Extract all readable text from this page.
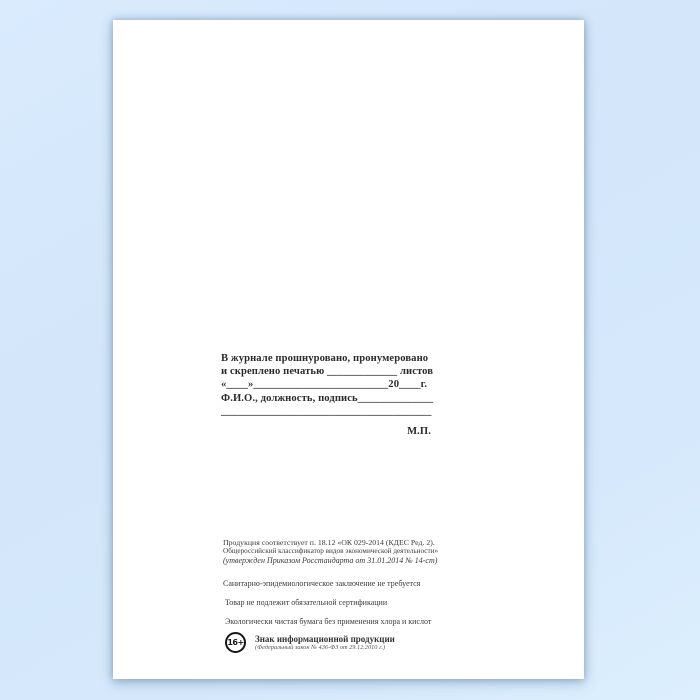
В журнале прошнуровано, пронумеровано
и скреплено печатью _____________ листов
«____»_________________________20____г.
Ф.И.О., должность, подпись______________
_______________________________________
М.П.
Продукция соответствует п. 18.12 «ОК 029-2014 (КДЕС Ред. 2).
Общероссийский классификатор видов экономической деятельности»
(утвержден Приказом Росстандарта от 31.01.2014 № 14-ст)
Санитарно-эпидемиологическое заключение не требуется
Товар не подлежит обязательной сертификации
Экологически чистая бумага без применения хлора и кислот
16+ Знак информационной продукции
(Федеральный закон № 436-ФЗ от 29.12.2010 г.)
